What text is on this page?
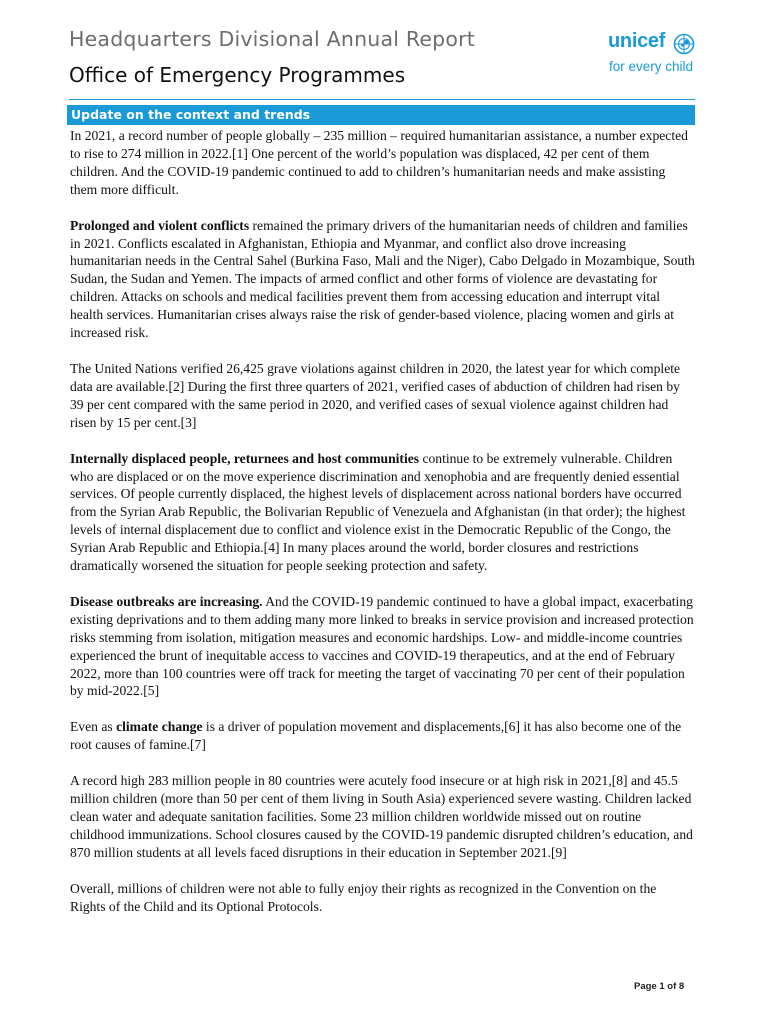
Headquarters Divisional Annual Report
Office of Emergency Programmes
unicef
for every child
Update on the context and trends

In 2021, a record number of people globally – 235 million – required humanitarian assistance, a number expected to rise to 274 million in 2022.[1] One percent of the world’s population was displaced, 42 per cent of them children. And the COVID-19 pandemic continued to add to children’s humanitarian needs and make assisting them more difficult.

Prolonged and violent conflicts remained the primary drivers of the humanitarian needs of children and families in 2021. Conflicts escalated in Afghanistan, Ethiopia and Myanmar, and conflict also drove increasing humanitarian needs in the Central Sahel (Burkina Faso, Mali and the Niger), Cabo Delgado in Mozambique, South Sudan, the Sudan and Yemen. The impacts of armed conflict and other forms of violence are devastating for children. Attacks on schools and medical facilities prevent them from accessing education and interrupt vital health services. Humanitarian crises always raise the risk of gender-based violence, placing women and girls at increased risk.

The United Nations verified 26,425 grave violations against children in 2020, the latest year for which complete data are available.[2] During the first three quarters of 2021, verified cases of abduction of children had risen by 39 per cent compared with the same period in 2020, and verified cases of sexual violence against children had risen by 15 per cent.[3]

Internally displaced people, returnees and host communities continue to be extremely vulnerable. Children who are displaced or on the move experience discrimination and xenophobia and are frequently denied essential services. Of people currently displaced, the highest levels of displacement across national borders have occurred from the Syrian Arab Republic, the Bolivarian Republic of Venezuela and Afghanistan (in that order); the highest levels of internal displacement due to conflict and violence exist in the Democratic Republic of the Congo, the Syrian Arab Republic and Ethiopia.[4] In many places around the world, border closures and restrictions dramatically worsened the situation for people seeking protection and safety.

Disease outbreaks are increasing. And the COVID-19 pandemic continued to have a global impact, exacerbating existing deprivations and to them adding many more linked to breaks in service provision and increased protection risks stemming from isolation, mitigation measures and economic hardships. Low- and middle-income countries experienced the brunt of inequitable access to vaccines and COVID-19 therapeutics, and at the end of February 2022, more than 100 countries were off track for meeting the target of vaccinating 70 per cent of their population by mid-2022.[5]

Even as climate change is a driver of population movement and displacements,[6] it has also become one of the root causes of famine.[7]

A record high 283 million people in 80 countries were acutely food insecure or at high risk in 2021,[8] and 45.5 million children (more than 50 per cent of them living in South Asia) experienced severe wasting. Children lacked clean water and adequate sanitation facilities. Some 23 million children worldwide missed out on routine childhood immunizations. School closures caused by the COVID-19 pandemic disrupted children’s education, and 870 million students at all levels faced disruptions in their education in September 2021.[9]

Overall, millions of children were not able to fully enjoy their rights as recognized in the Convention on the Rights of the Child and its Optional Protocols.

Page 1 of 8
